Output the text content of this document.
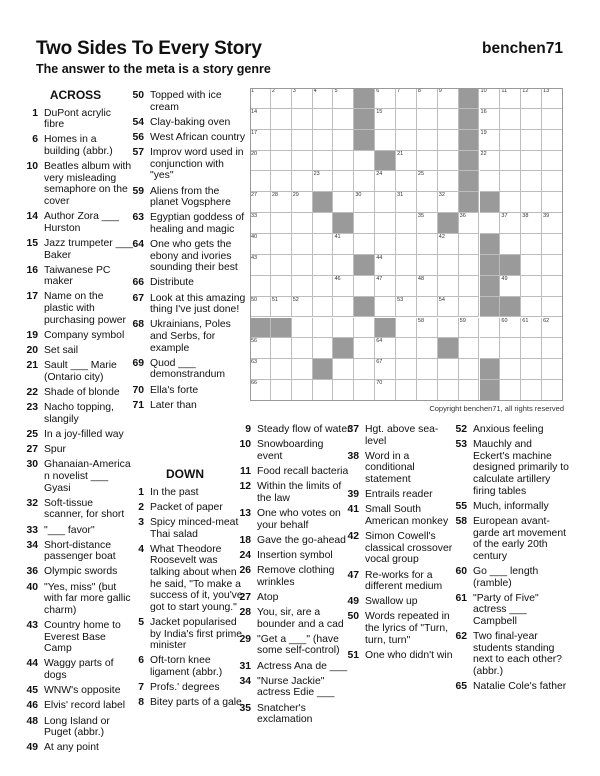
Two Sides To Every Story
The answer to the meta is a story genre
benchen71
ACROSS
1 DuPont acrylic fibre
6 Homes in a building (abbr.)
10 Beatles album with very misleading semaphore on the cover
14 Author Zora ___ Hurston
15 Jazz trumpeter ___ Baker
16 Taiwanese PC maker
17 Name on the plastic with purchasing power
19 Company symbol
20 Set sail
21 Sault ___ Marie (Ontario city)
22 Shade of blonde
23 Nacho topping, slangily
25 In a joy-filled way
27 Spur
30 Ghanaian-America n novelist ___ Gyasi
32 Soft-tissue scanner, for short
33 "___ favor"
34 Short-distance passenger boat
36 Olympic swords
40 "Yes, miss" (but with far more gallic charm)
43 Country home to Everest Base Camp
44 Waggy parts of dogs
45 WNW's opposite
46 Elvis' record label
48 Long Island or Puget (abbr.)
49 At any point
50 Topped with ice cream
54 Clay-baking oven
56 West African country
57 Improv word used in conjunction with "yes"
59 Aliens from the planet Vogsphere
63 Egyptian goddess of healing and magic
64 One who gets the ebony and ivories sounding their best
66 Distribute
67 Look at this amazing thing I've just done!
68 Ukrainians, Poles and Serbs, for example
69 Quod ___ demonstrandum
70 Ella's forte
71 Later than
DOWN
1 In the past
2 Packet of paper
3 Spicy minced-meat Thai salad
4 What Theodore Roosevelt was talking about when he said, "To make a success of it, you've got to start young."
5 Jacket popularised by India's first prime minister
6 Oft-torn knee ligament (abbr.)
7 Profs.' degrees
8 Bitey parts of a gale
9 Steady flow of water
10 Snowboarding event
11 Food recall bacteria
12 Within the limits of the law
13 One who votes on your behalf
18 Gave the go-ahead
24 Insertion symbol
26 Remove clothing wrinkles
27 Atop
28 You, sir, are a bounder and a cad
29 "Get a ___" (have some self-control)
31 Actress Ana de ___
34 "Nurse Jackie" actress Edie ___
35 Snatcher's exclamation
37 Hgt. above sea-level
38 Word in a conditional statement
39 Entrails reader
41 Small South American monkey
42 Simon Cowell's classical crossover vocal group
47 Re-works for a different medium
49 Swallow up
50 Words repeated in the lyrics of "Turn, turn, turn"
51 One who didn't win
52 Anxious feeling
53 Mauchly and Eckert's machine designed primarily to calculate artillery firing tables
55 Much, informally
58 European avant-garde art movement of the early 20th century
60 Go ___ length (ramble)
61 "Party of Five" actress ___ Campbell
62 Two final-year students standing next to each other? (abbr.)
65 Natalie Cole's father
1	2	3	4	5	6	7	8	9	10	11	12	13
14	15	16
17	19
20	21	22
23	24	25
27	28	29	30	31	32
33	35	36	37	38	39
40	41	42
43	44
46	47	48	49
50	51	52	53	54
58	59	60	61	62
56	64
63	67
66	70
Copyright benchen71, all rights reserved
